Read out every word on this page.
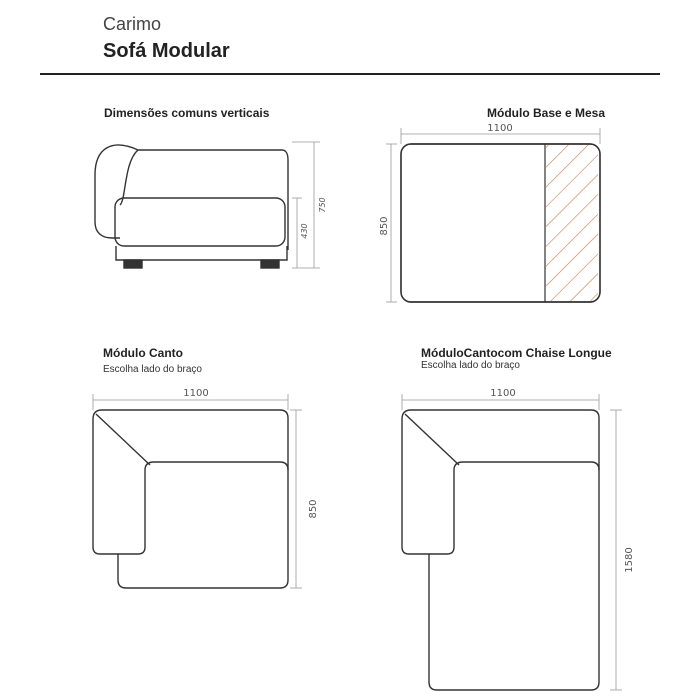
Carimo
Sofá Modular
Dimensões comuns verticais	Módulo Base e Mesa
Módulo Canto
Escolha lado do braço
MóduloCantocom Chaise Longue
Escolha lado do braço
750
430
1100
850
1100
850
1100
1580
